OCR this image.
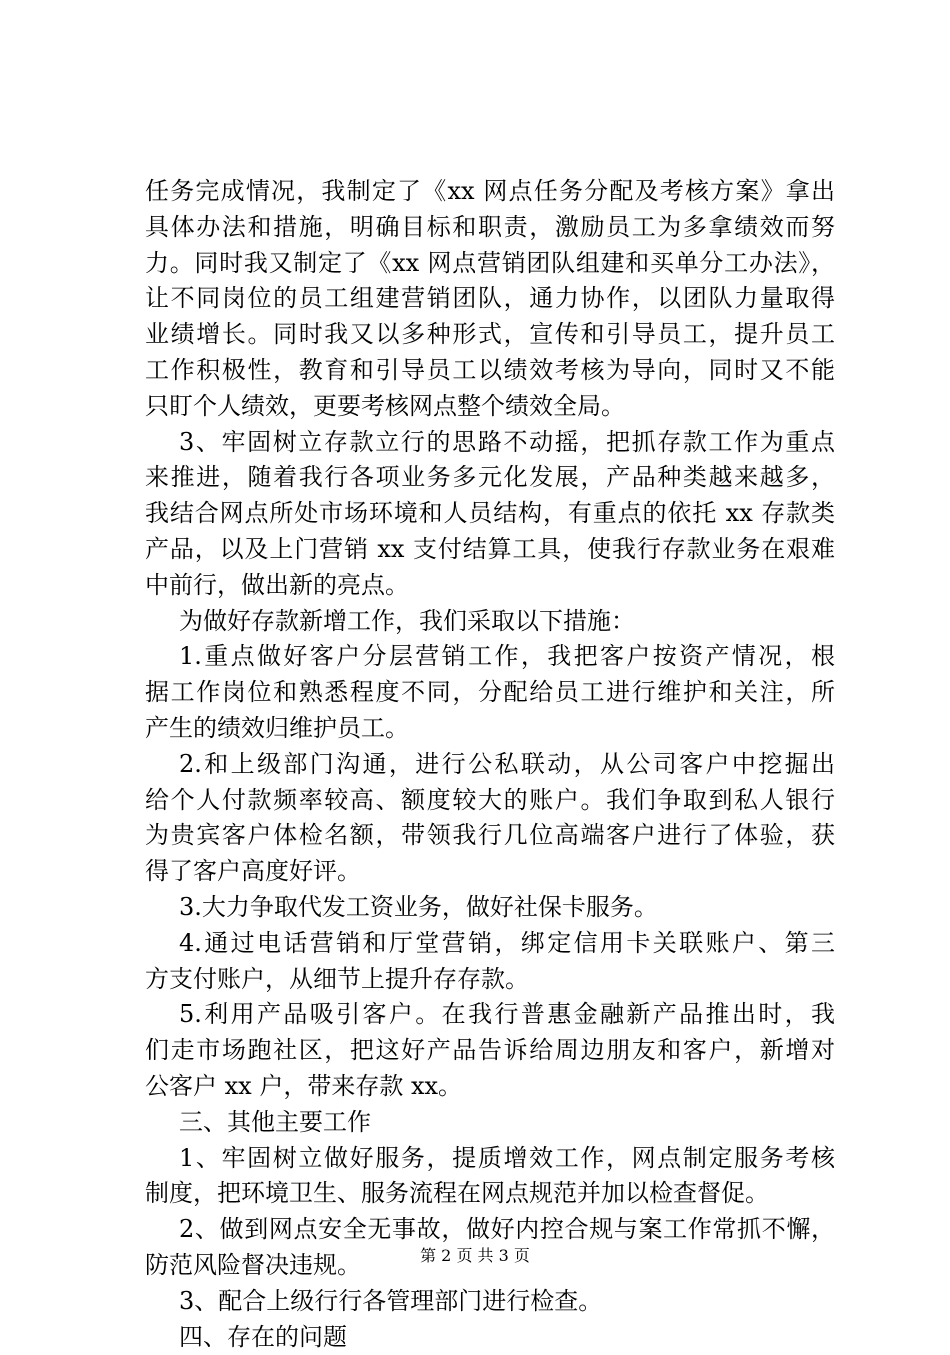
任务完成情况，我制定了《xx 网点任务分配及考核方案》拿出
具体办法和措施，明确目标和职责，激励员工为多拿绩效而努
力。同时我又制定了《xx 网点营销团队组建和买单分工办法》，
让不同岗位的员工组建营销团队，通力协作，以团队力量取得
业绩增长。同时我又以多种形式，宣传和引导员工，提升员工
工作积极性，教育和引导员工以绩效考核为导向，同时又不能
只盯个人绩效，更要考核网点整个绩效全局。
3、牢固树立存款立行的思路不动摇，把抓存款工作为重点
来推进，随着我行各项业务多元化发展，产品种类越来越多，
我结合网点所处市场环境和人员结构，有重点的依托 xx 存款类
产品，以及上门营销 xx 支付结算工具，使我行存款业务在艰难
中前行，做出新的亮点。
为做好存款新增工作，我们采取以下措施：
1.重点做好客户分层营销工作，我把客户按资产情况，根
据工作岗位和熟悉程度不同，分配给员工进行维护和关注，所
产生的绩效归维护员工。
2.和上级部门沟通，进行公私联动，从公司客户中挖掘出
给个人付款频率较高、额度较大的账户。我们争取到私人银行
为贵宾客户体检名额，带领我行几位高端客户进行了体验，获
得了客户高度好评。
3.大力争取代发工资业务，做好社保卡服务。
4.通过电话营销和厅堂营销，绑定信用卡关联账户、第三
方支付账户，从细节上提升存存款。
5.利用产品吸引客户。在我行普惠金融新产品推出时，我
们走市场跑社区，把这好产品告诉给周边朋友和客户，新增对
公客户 xx 户，带来存款 xx。
三、其他主要工作
1、牢固树立做好服务，提质增效工作，网点制定服务考核
制度，把环境卫生、服务流程在网点规范并加以检查督促。
2、做到网点安全无事故，做好内控合规与案工作常抓不懈，
防范风险督决违规。
3、配合上级行行各管理部门进行检查。
四、存在的问题
第 2 页 共 3 页
